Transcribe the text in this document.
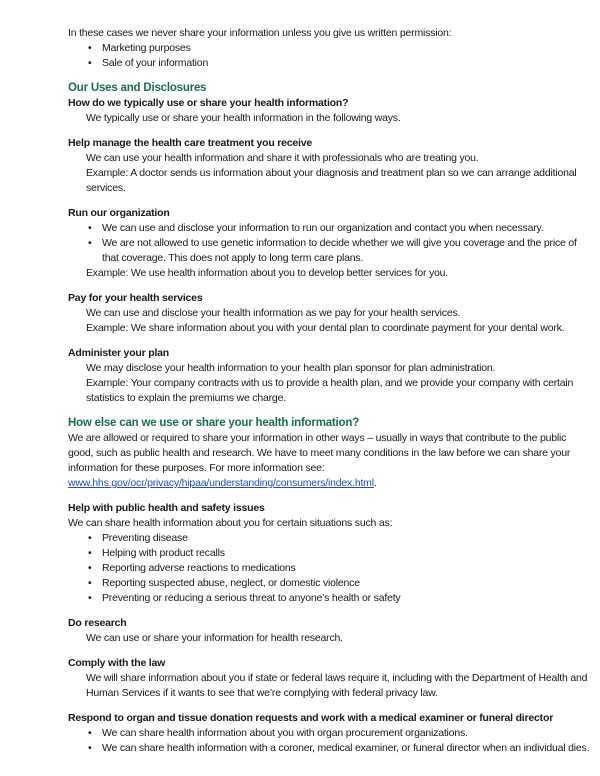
In these cases we never share your information unless you give us written permission:

• Marketing purposes
• Sale of your information

Our Uses and Disclosures

How do we typically use or share your health information?

We typically use or share your health information in the following ways.

Help manage the health care treatment you receive

We can use your health information and share it with professionals who are treating you.

Example: A doctor sends us information about your diagnosis and treatment plan so we can arrange additional services.

Run our organization

• We can use and disclose your information to run our organization and contact you when necessary.
• We are not allowed to use genetic information to decide whether we will give you coverage and the price of that coverage. This does not apply to long term care plans.

Example: We use health information about you to develop better services for you.

Pay for your health services

We can use and disclose your health information as we pay for your health services.

Example: We share information about you with your dental plan to coordinate payment for your dental work.

Administer your plan

We may disclose your health information to your health plan sponsor for plan administration.

Example: Your company contracts with us to provide a health plan, and we provide your company with certain statistics to explain the premiums we charge.

How else can we use or share your health information?

We are allowed or required to share your information in other ways – usually in ways that contribute to the public good, such as public health and research. We have to meet many conditions in the law before we can share your information for these purposes. For more information see:

www.hhs.gov/ocr/privacy/hipaa/understanding/consumers/index.html.

Help with public health and safety issues

We can share health information about you for certain situations such as:

• Preventing disease
• Helping with product recalls
• Reporting adverse reactions to medications
• Reporting suspected abuse, neglect, or domestic violence
• Preventing or reducing a serious threat to anyone’s health or safety

Do research

We can use or share your information for health research.

Comply with the law

We will share information about you if state or federal laws require it, including with the Department of Health and Human Services if it wants to see that we’re complying with federal privacy law.

Respond to organ and tissue donation requests and work with a medical examiner or funeral director

• We can share health information about you with organ procurement organizations.
• We can share health information with a coroner, medical examiner, or funeral director when an individual dies.
